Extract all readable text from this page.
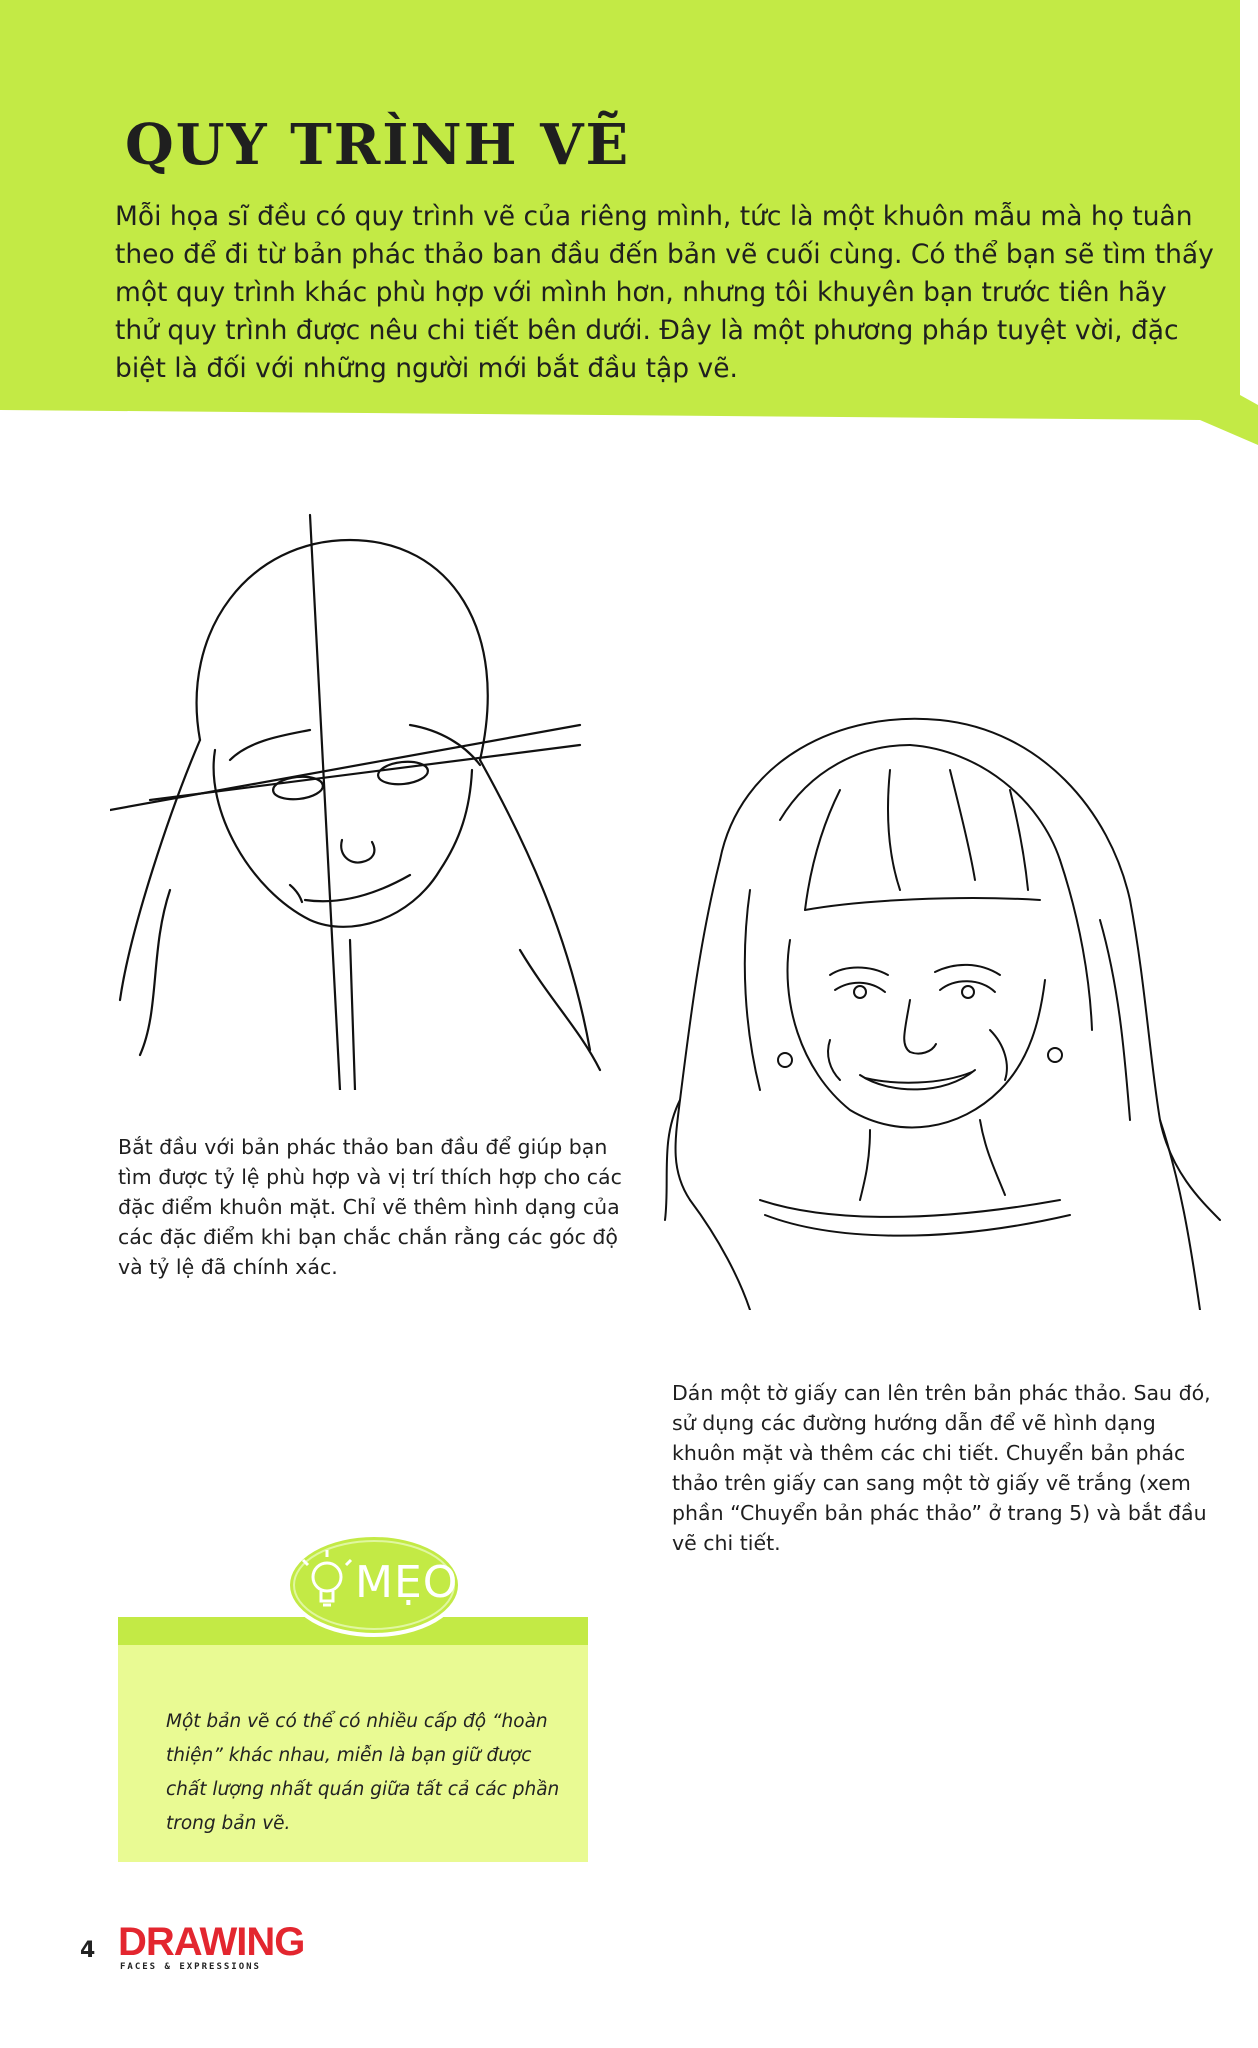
QUY TRÌNH VẼ

Mỗi họa sĩ đều có quy trình vẽ của riêng mình, tức là một khuôn mẫu mà họ tuân theo để đi từ bản phác thảo ban đầu đến bản vẽ cuối cùng. Có thể bạn sẽ tìm thấy một quy trình khác phù hợp với mình hơn, nhưng tôi khuyên bạn trước tiên hãy thử quy trình được nêu chi tiết bên dưới. Đây là một phương pháp tuyệt vời, đặc biệt là đối với những người mới bắt đầu tập vẽ.

Bắt đầu với bản phác thảo ban đầu để giúp bạn tìm được tỷ lệ phù hợp và vị trí thích hợp cho các đặc điểm khuôn mặt. Chỉ vẽ thêm hình dạng của các đặc điểm khi bạn chắc chắn rằng các góc độ và tỷ lệ đã chính xác.

Dán một tờ giấy can lên trên bản phác thảo. Sau đó, sử dụng các đường hướng dẫn để vẽ hình dạng khuôn mặt và thêm các chi tiết. Chuyển bản phác thảo trên giấy can sang một tờ giấy vẽ trắng (xem phần “Chuyển bản phác thảo” ở trang 5) và bắt đầu vẽ chi tiết.

Một bản vẽ có thể có nhiều cấp độ “hoàn thiện” khác nhau, miễn là bạn giữ được chất lượng nhất quán giữa tất cả các phần trong bản vẽ.

MẸO
4 DRAWING
FACES & EXPRESSIONS
